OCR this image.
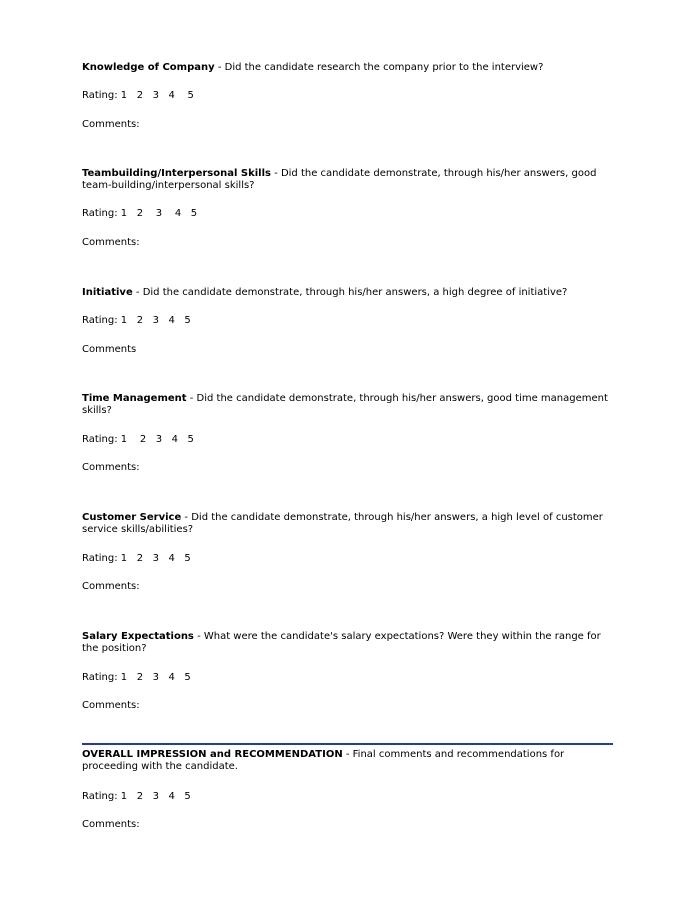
Knowledge of Company - Did the candidate research the company prior to the interview?

Rating: 1   2   3   4    5
Comments:

Teambuilding/Interpersonal Skills - Did the candidate demonstrate, through his/her answers, good team-building/interpersonal skills?

Rating: 1   2    3    4   5
Comments:

Initiative - Did the candidate demonstrate, through his/her answers, a high degree of initiative?

Rating: 1   2   3   4   5
Comments

Time Management - Did the candidate demonstrate, through his/her answers, good time management skills?

Rating: 1    2   3   4   5
Comments:

Customer Service - Did the candidate demonstrate, through his/her answers, a high level of customer service skills/abilities?

Rating: 1   2   3   4   5
Comments:

Salary Expectations - What were the candidate's salary expectations? Were they within the range for the position?

Rating: 1   2   3   4   5
Comments:

OVERALL IMPRESSION and RECOMMENDATION - Final comments and recommendations for proceeding with the candidate.

Rating: 1   2   3   4   5
Comments:
